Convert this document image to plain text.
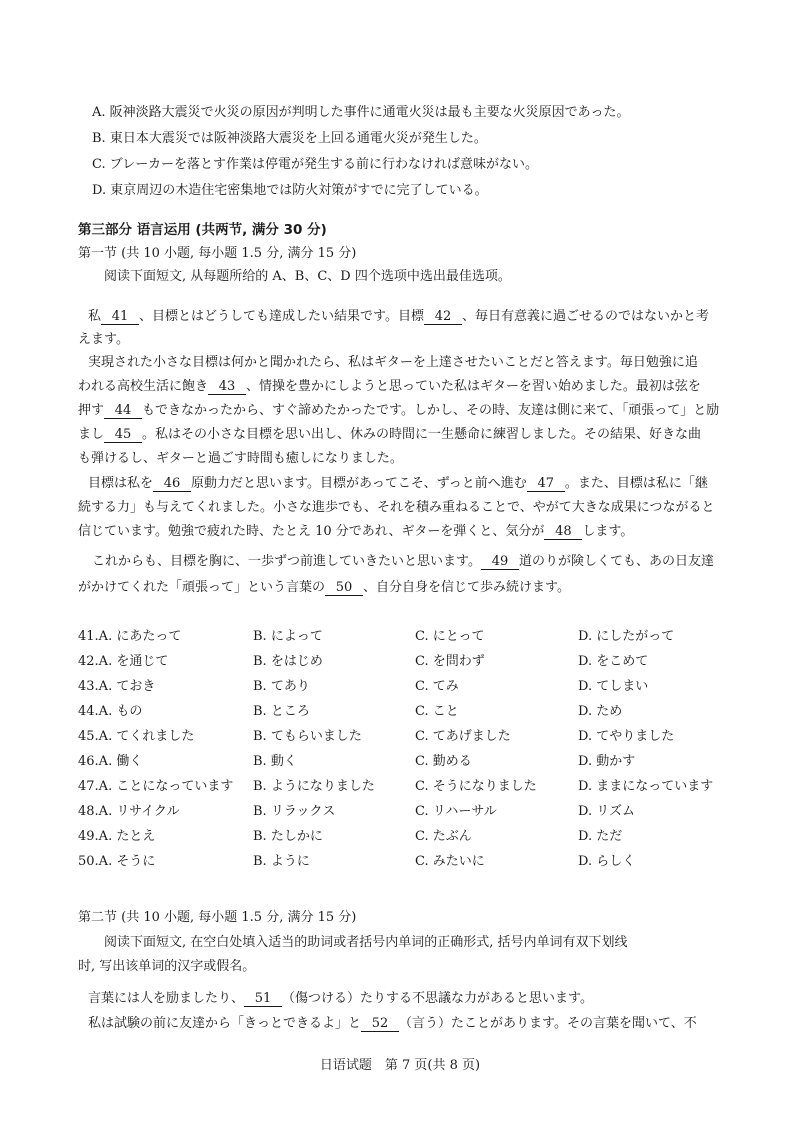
A. 阪神淡路大震災で火災の原因が判明した事件に通電火災は最も主要な火災原因であった。
B. 東日本大震災では阪神淡路大震災を上回る通電火災が発生した。
C. ブレーカーを落とす作業は停電が発生する前に行わなければ意味がない。
D. 東京周辺の木造住宅密集地では防火対策がすでに完了している。
第三部分 语言运用 (共两节, 满分 30 分)
第一节 (共 10 小题, 每小题 1.5 分, 满分 15 分)
阅读下面短文, 从每题所给的 A、B、C、D 四个选项中选出最佳选项。
私 41 、目標とはどうしても達成したい結果です。目標 42 、毎日有意義に過ごせるのではないかと考
えます。
実現された小さな目標は何かと聞かれたら、私はギターを上達させたいことだと答えます。毎日勉強に追
われる高校生活に飽き 43 、情操を豊かにしようと思っていた私はギターを習い始めました。最初は弦を
押す 44 もできなかったから、すぐ諦めたかったです。しかし、その時、友達は側に来て、「頑張って」と励
まし 45 。私はその小さな目標を思い出し、休みの時間に一生懸命に練習しました。その結果、好きな曲
も弾けるし、ギターと過ごす時間も癒しになりました。
目標は私を 46 原動力だと思います。目標があってこそ、ずっと前へ進む 47 。また、目標は私に「継
続する力」も与えてくれました。小さな進歩でも、それを積み重ねることで、やがて大きな成果につながると
信じています。勉強で疲れた時、たとえ 10 分であれ、ギターを弾くと、気分が 48 します。
これからも、目標を胸に、一歩ずつ前進していきたいと思います。 49 道のりが険しくても、あの日友達
がかけてくれた「頑張って」という言葉の 50 、自分自身を信じて歩み続けます。
41.A. にあたって	B. によって	C. にとって	D. にしたがって
42.A. を通じて	B. をはじめ	C. を問わず	D. をこめて
43.A. ておき	B. てあり	C. てみ	D. てしまい
44.A. もの	B. ところ	C. こと	D. ため
45.A. てくれました	B. てもらいました	C. てあげました	D. てやりました
46.A. 働く	B. 動く	C. 勤める	D. 動かす
47.A. ことになっています B. ようになりました	C. そうになりました	D. ままになっています
48.A. リサイクル	B. リラックス	C. リハーサル	D. リズム
49.A. たとえ	B. たしかに	C. たぶん	D. ただ
50.A. そうに	B. ように	C. みたいに	D. らしく
第二节 (共 10 小题, 每小题 1.5 分, 满分 15 分)
阅读下面短文, 在空白处填入适当的助词或者括号内单词的正确形式, 括号内单词有双下划线
时, 写出该单词的汉字或假名。
言葉には人を励ましたり、 51 （傷つける）たりする不思議な力があると思います。
私は試験の前に友達から「きっとできるよ」と 52 （言う）たことがあります。その言葉を聞いて、不
日语试题　第 7 页(共 8 页)
